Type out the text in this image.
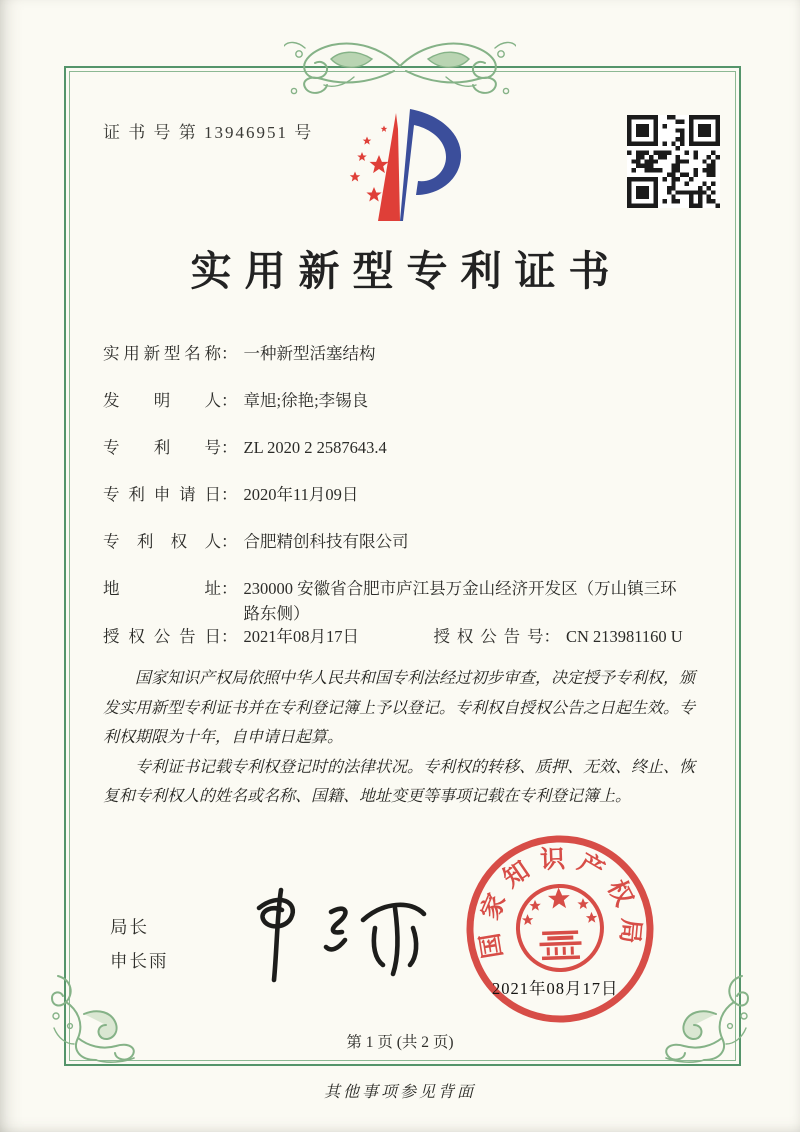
证 书 号 第 13946951 号
实用新型专利证书
实用新型名称 ： 一种新型活塞结构
发明人 ： 章旭;徐艳;李锡良
专利号 ： ZL 2020 2 2587643.4
专利申请日 ： 2020年11月09日
专利权人 ： 合肥精创科技有限公司
地址 ： 230000 安徽省合肥市庐江县万金山经济开发区（万山镇三环路东侧）
授权公告日 ： 2021年08月17日	授权公告号 ： CN 213981160 U

国家知识产权局依照中华人民共和国专利法经过初步审查，决定授予专利权，颁发实用新型专利证书并在专利登记簿上予以登记。专利权自授权公告之日起生效。专利权期限为十年，自申请日起算。

专利证书记载专利权登记时的法律状况。专利权的转移、质押、无效、终止、恢复和专利权人的姓名或名称、国籍、地址变更等事项记载在专利登记簿上。

局长
申长雨
国家知识产权局
2021年08月17日
第 1 页 (共 2 页)
其他事项参见背面
